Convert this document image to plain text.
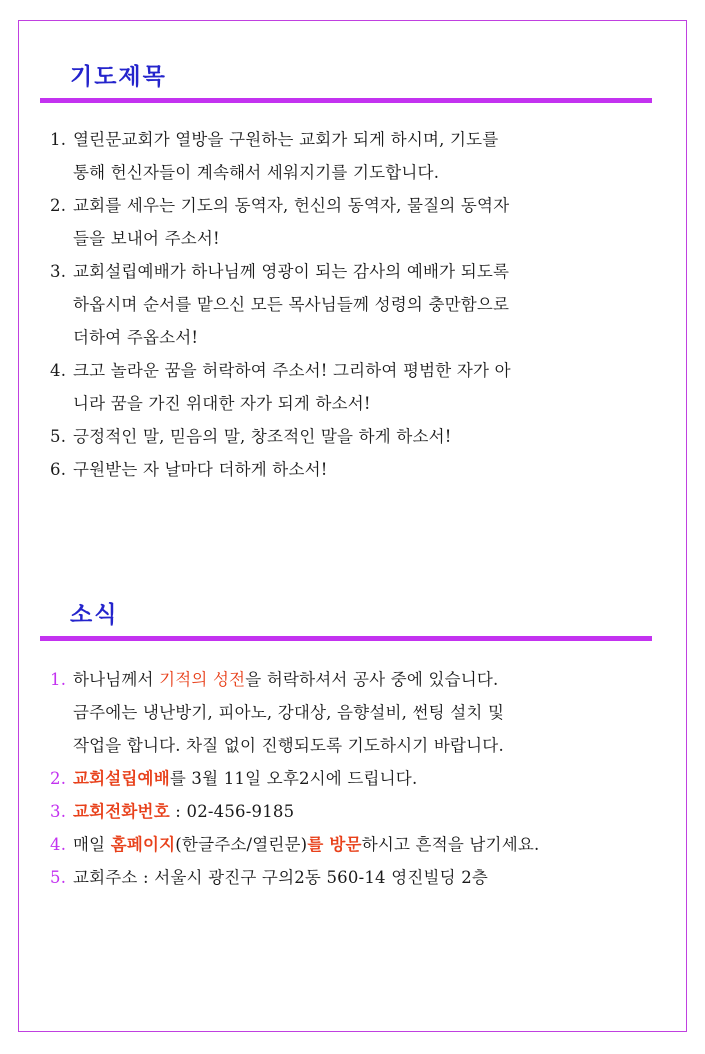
기도제목
1. 열린문교회가 열방을 구원하는 교회가 되게 하시며, 기도를
통해 헌신자들이 계속해서 세워지기를 기도합니다.
2. 교회를 세우는 기도의 동역자, 헌신의 동역자, 물질의 동역자
들을 보내어 주소서!
3. 교회설립예배가 하나님께 영광이 되는 감사의 예배가 되도록
하옵시며 순서를 맡으신 모든 목사님들께 성령의 충만함으로
더하여 주옵소서!
4. 크고 놀라운 꿈을 허락하여 주소서! 그리하여 평범한 자가 아
니라 꿈을 가진 위대한 자가 되게 하소서!
5. 긍정적인 말, 믿음의 말, 창조적인 말을 하게 하소서!
6. 구원받는 자 날마다 더하게 하소서!
소식
1. 하나님께서 기적의 성전을 허락하셔서 공사 중에 있습니다.
금주에는 냉난방기, 피아노, 강대상, 음향설비, 썬팅 설치 및
작업을 합니다. 차질 없이 진행되도록 기도하시기 바랍니다.
2. 교회설립예배를 3월 11일 오후2시에 드립니다.
3. 교회전화번호 : 02-456-9185
4. 매일 홈페이지(한글주소/열린문)를 방문하시고 흔적을 남기세요.
5. 교회주소 : 서울시 광진구 구의2동 560-14 영진빌딩 2층
